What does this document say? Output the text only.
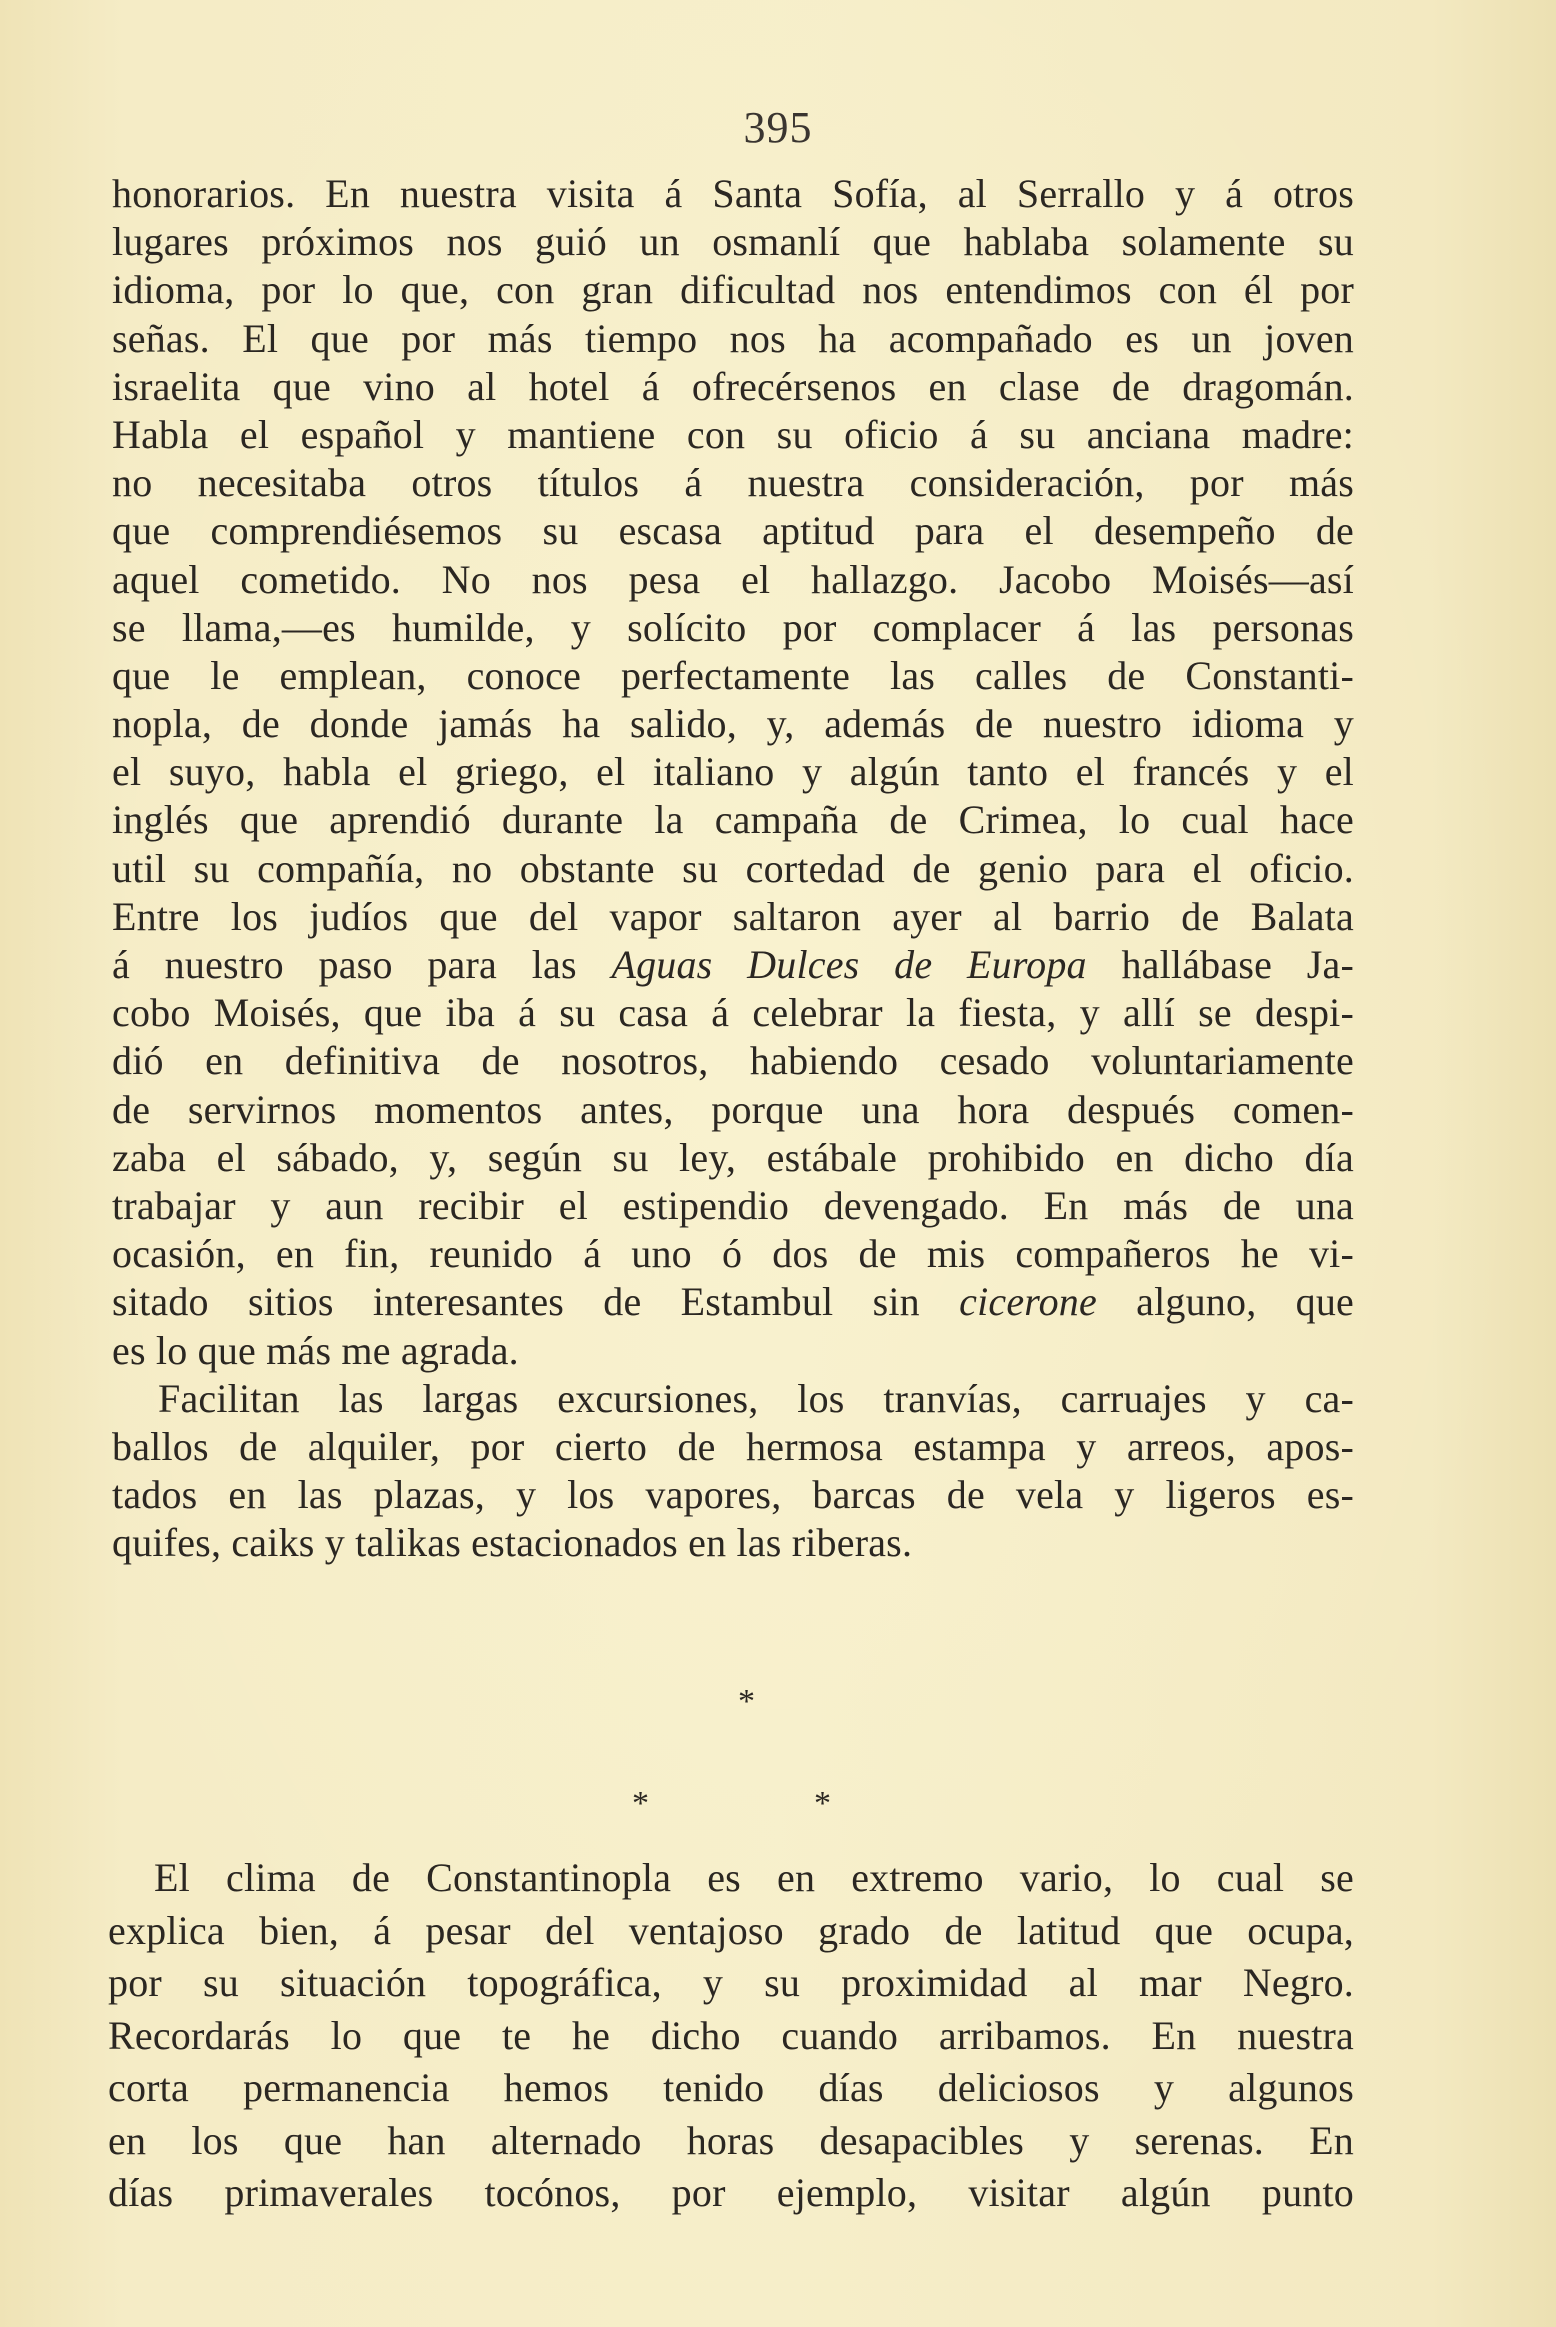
395
honorarios. En nuestra visita á Santa Sofía, al Serrallo y á otros
lugares próximos nos guió un osmanlí que hablaba solamente su
idioma, por lo que, con gran dificultad nos entendimos con él por
señas. El que por más tiempo nos ha acompañado es un joven
israelita que vino al hotel á ofrecérsenos en clase de dragomán.
Habla el español y mantiene con su oficio á su anciana madre:
no necesitaba otros títulos á nuestra consideración, por más
que comprendiésemos su escasa aptitud para el desempeño de
aquel cometido. No nos pesa el hallazgo. Jacobo Moisés—así
se llama,—es humilde, y solícito por complacer á las personas
que le emplean, conoce perfectamente las calles de Constanti-
nopla, de donde jamás ha salido, y, además de nuestro idioma y
el suyo, habla el griego, el italiano y algún tanto el francés y el
inglés que aprendió durante la campaña de Crimea, lo cual hace
util su compañía, no obstante su cortedad de genio para el oficio.
Entre los judíos que del vapor saltaron ayer al barrio de Balata
á nuestro paso para las Aguas Dulces de Europa hallábase Ja-
cobo Moisés, que iba á su casa á celebrar la fiesta, y allí se despi-
dió en definitiva de nosotros, habiendo cesado voluntariamente
de servirnos momentos antes, porque una hora después comen-
zaba el sábado, y, según su ley, estábale prohibido en dicho día
trabajar y aun recibir el estipendio devengado. En más de una
ocasión, en fin, reunido á uno ó dos de mis compañeros he vi-
sitado sitios interesantes de Estambul sin cicerone alguno, que
es lo que más me agrada.
Facilitan las largas excursiones, los tranvías, carruajes y ca-
ballos de alquiler, por cierto de hermosa estampa y arreos, apos-
tados en las plazas, y los vapores, barcas de vela y ligeros es-
quifes, caiks y talikas estacionados en las riberas.
*
*	*
El clima de Constantinopla es en extremo vario, lo cual se
explica bien, á pesar del ventajoso grado de latitud que ocupa,
por su situación topográfica, y su proximidad al mar Negro.
Recordarás lo que te he dicho cuando arribamos. En nuestra
corta permanencia hemos tenido días deliciosos y algunos
en los que han alternado horas desapacibles y serenas. En
días primaverales tocónos, por ejemplo, visitar algún punto
